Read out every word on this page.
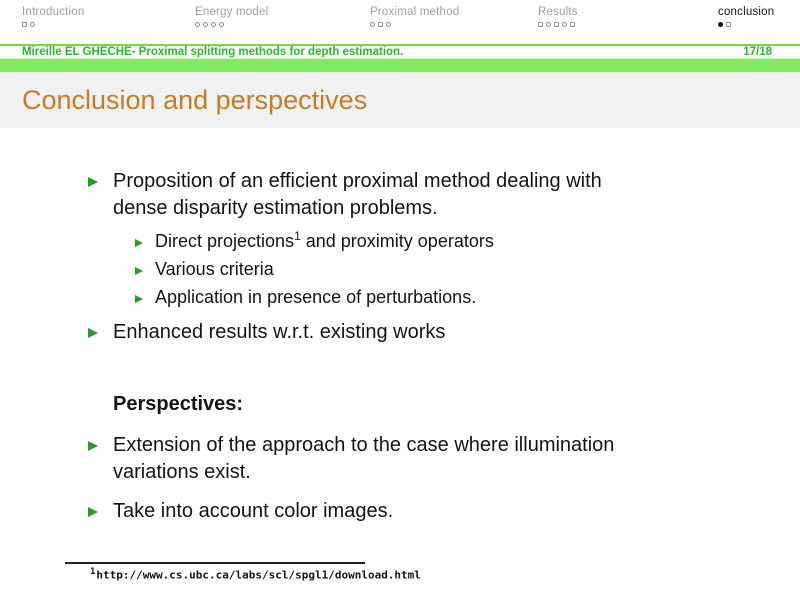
Introduction	Energy model	Proximal method	Results	conclusion
Mireille EL GHECHE- Proximal splitting methods for depth estimation.	17/18
Conclusion and perspectives
Proposition of an efficient proximal method dealing with
dense disparity estimation problems.
Direct projections$^1$ and proximity operators
Various criteria
Application in presence of perturbations.
Enhanced results w.r.t. existing works
Perspectives:
Extension of the approach to the case where illumination
variations exist.
Take into account color images.
$^1$http://www.cs.ubc.ca/labs/scl/spgl1/download.html
